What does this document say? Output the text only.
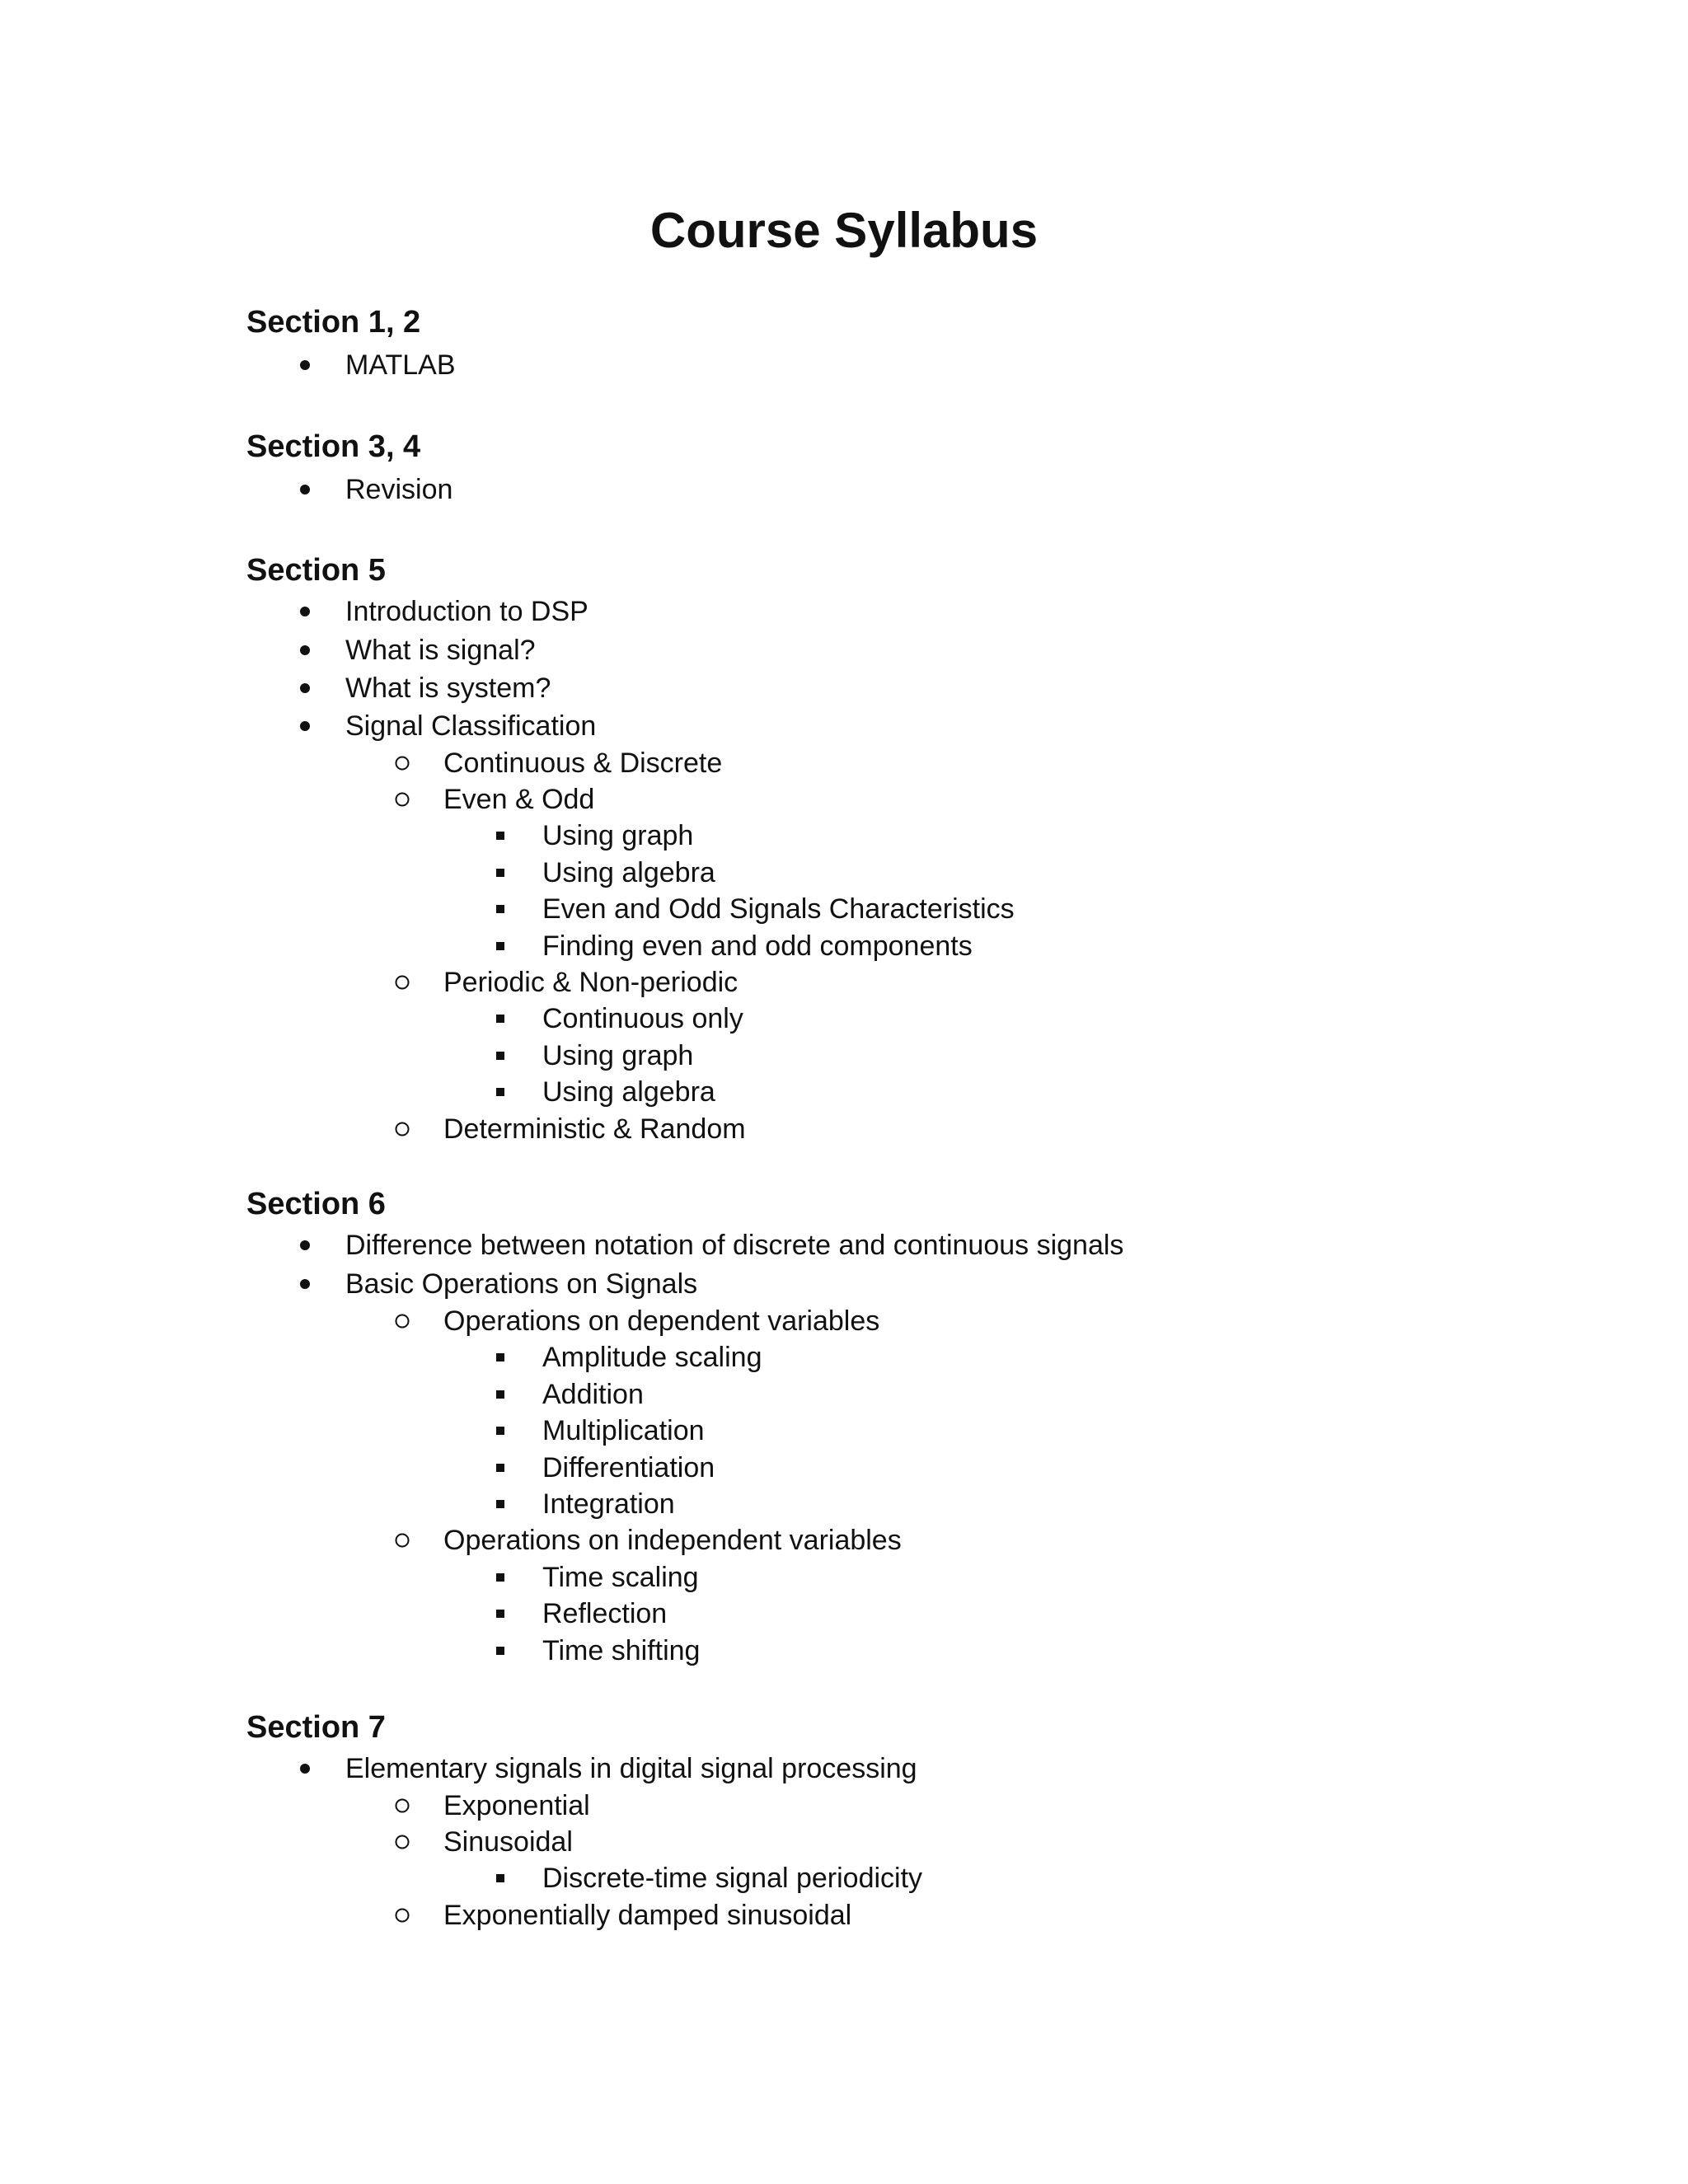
Course Syllabus
Section 1, 2
MATLAB
Section 3, 4
Revision
Section 5
Introduction to DSP
What is signal?
What is system?
Signal Classification
Continuous & Discrete
Even & Odd
Using graph
Using algebra
Even and Odd Signals Characteristics
Finding even and odd components
Periodic & Non-periodic
Continuous only
Using graph
Using algebra
Deterministic & Random
Section 6
Difference between notation of discrete and continuous signals
Basic Operations on Signals
Operations on dependent variables
Amplitude scaling
Addition
Multiplication
Differentiation
Integration
Operations on independent variables
Time scaling
Reflection
Time shifting
Section 7
Elementary signals in digital signal processing
Exponential
Sinusoidal
Discrete-time signal periodicity
Exponentially damped sinusoidal
